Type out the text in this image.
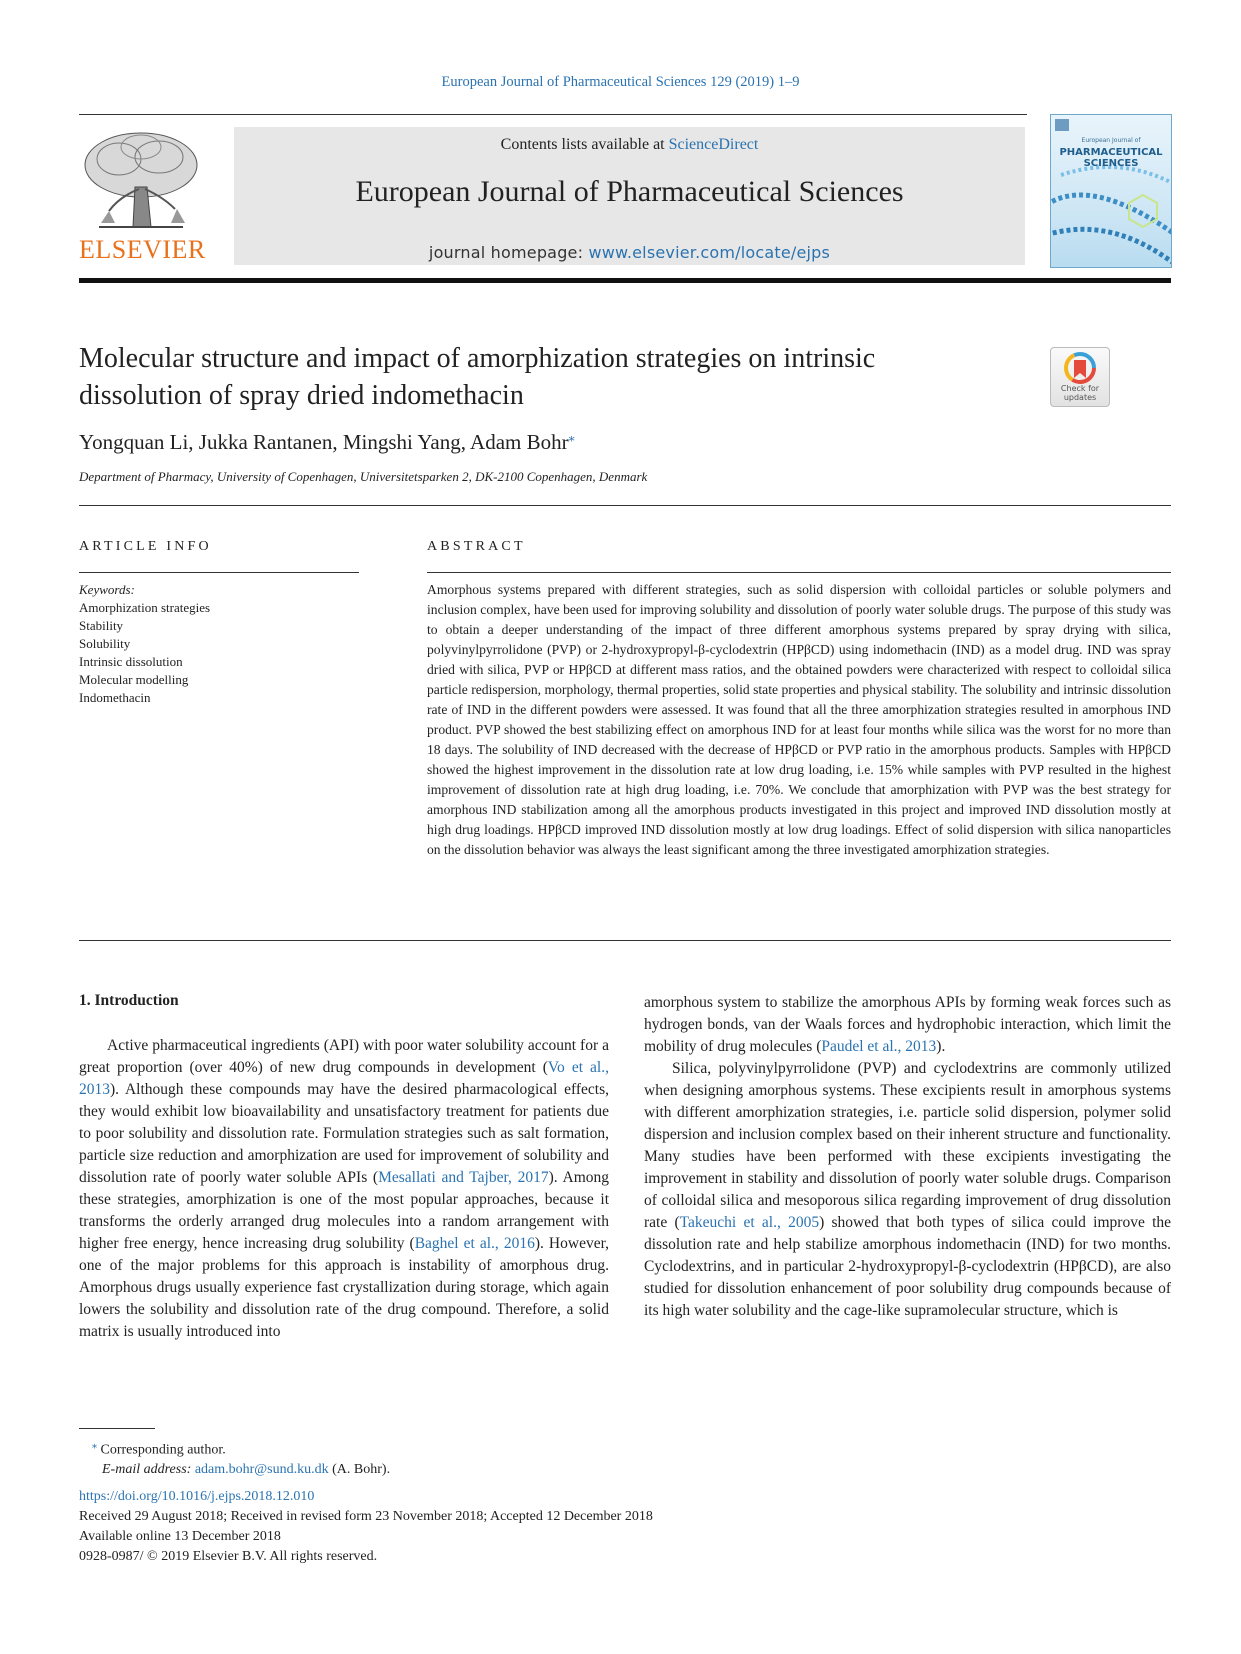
European Journal of Pharmaceutical Sciences 129 (2019) 1–9
ELSEVIER
Contents lists available at ScienceDirect
European Journal of Pharmaceutical Sciences
journal homepage: www.elsevier.com/locate/ejps
European Journal of
PHARMACEUTICAL
SCIENCES
Molecular structure and impact of amorphization strategies on intrinsic
dissolution of spray dried indomethacin	Check for
updates
Yongquan Li, Jukka Rantanen, Mingshi Yang, Adam Bohr⁎
Department of Pharmacy, University of Copenhagen, Universitetsparken 2, DK-2100 Copenhagen, Denmark
ARTICLE INFO
Keywords:
Amorphization strategies
Stability
Solubility
Intrinsic dissolution
Molecular modelling
Indomethacin
ABSTRACT
Amorphous systems prepared with different strategies, such as solid dispersion with colloidal particles or soluble polymers and inclusion complex, have been used for improving solubility and dissolution of poorly water soluble drugs. The purpose of this study was to obtain a deeper understanding of the impact of three different amorphous systems prepared by spray drying with silica, polyvinylpyrrolidone (PVP) or 2-hydroxypropyl-β-cyclodextrin (HPβCD) using indomethacin (IND) as a model drug. IND was spray dried with silica, PVP or HPβCD at different mass ratios, and the obtained powders were characterized with respect to colloidal silica particle redispersion, morphology, thermal properties, solid state properties and physical stability. The solubility and intrinsic dissolution rate of IND in the different powders were assessed. It was found that all the three amorphization strategies resulted in amorphous IND product. PVP showed the best stabilizing effect on amorphous IND for at least four months while silica was the worst for no more than 18 days. The solubility of IND decreased with the decrease of HPβCD or PVP ratio in the amorphous products. Samples with HPβCD showed the highest improvement in the dissolution rate at low drug loading, i.e. 15% while samples with PVP resulted in the highest improvement of dissolution rate at high drug loading, i.e. 70%. We conclude that amorphization with PVP was the best strategy for amorphous IND stabilization among all the amorphous products investigated in this project and improved IND dissolution mostly at high drug loadings. HPβCD improved IND dissolution mostly at low drug loadings. Effect of solid dispersion with silica nanoparticles on the dissolution behavior was always the least significant among the three investigated amorphization strategies.
1. Introduction

Active pharmaceutical ingredients (API) with poor water solubility account for a great proportion (over 40%) of new drug compounds in development (Vo et al., 2013). Although these compounds may have the desired pharmacological effects, they would exhibit low bioavailability and unsatisfactory treatment for patients due to poor solubility and dissolution rate. Formulation strategies such as salt formation, particle size reduction and amorphization are used for improvement of solubility and dissolution rate of poorly water soluble APIs (Mesallati and Tajber, 2017). Among these strategies, amorphization is one of the most popular approaches, because it transforms the orderly arranged drug molecules into a random arrangement with higher free energy, hence increasing drug solubility (Baghel et al., 2016). However, one of the major problems for this approach is instability of amorphous drug. Amorphous drugs usually experience fast crystallization during storage, which again lowers the solubility and dissolution rate of the drug compound. Therefore, a solid matrix is usually introduced into

amorphous system to stabilize the amorphous APIs by forming weak forces such as hydrogen bonds, van der Waals forces and hydrophobic interaction, which limit the mobility of drug molecules (Paudel et al., 2013).

Silica, polyvinylpyrrolidone (PVP) and cyclodextrins are commonly utilized when designing amorphous systems. These excipients result in amorphous systems with different amorphization strategies, i.e. particle solid dispersion, polymer solid dispersion and inclusion complex based on their inherent structure and functionality. Many studies have been performed with these excipients investigating the improvement in stability and dissolution of poorly water soluble drugs. Comparison of colloidal silica and mesoporous silica regarding improvement of drug dissolution rate (Takeuchi et al., 2005) showed that both types of silica could improve the dissolution rate and help stabilize amorphous indomethacin (IND) for two months. Cyclodextrins, and in particular 2-hydroxypropyl-β-cyclodextrin (HPβCD), are also studied for dissolution enhancement of poor solubility drug compounds because of its high water solubility and the cage-like supramolecular structure, which is

⁎ Corresponding author.
E-mail address: adam.bohr@sund.ku.dk (A. Bohr).
https://doi.org/10.1016/j.ejps.2018.12.010
Received 29 August 2018; Received in revised form 23 November 2018; Accepted 12 December 2018
Available online 13 December 2018
0928-0987/ © 2019 Elsevier B.V. All rights reserved.
